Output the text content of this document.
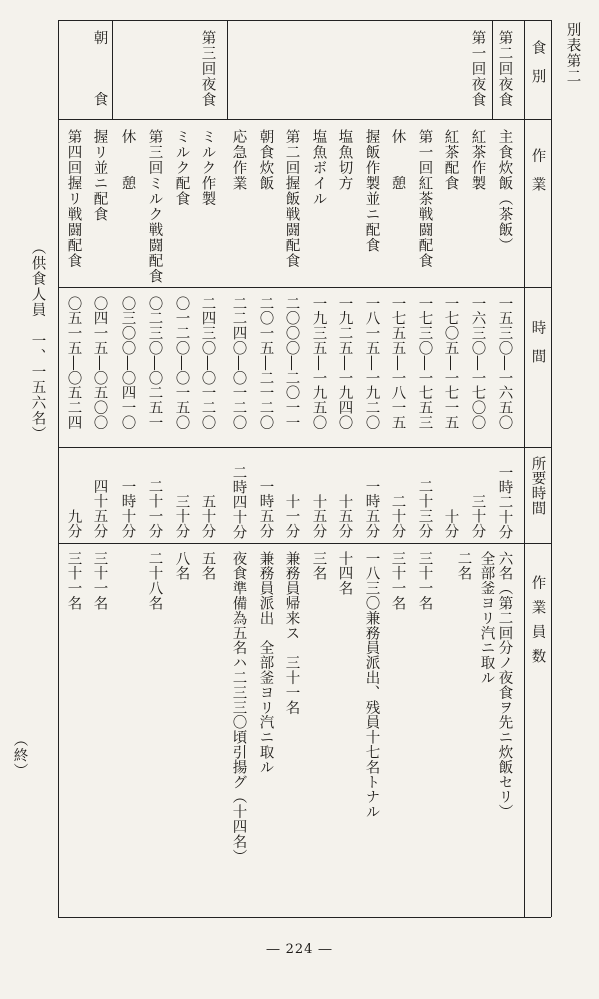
別表第二
食別
作業
時間
所要時間
作業員数
第二回夜食
第一回夜食
第三回夜食
朝　　食
主食炊飯（茶飯）
紅茶作製
紅茶配食
第一回紅茶戦闘配食
休　　憩
握飯作製並ニ配食
塩魚切方
塩魚ボイル
第二回握飯戦闘配食
朝食炊飯
応急作業
ミルク作製
ミルク配食
第三回ミルク戦闘配食
休　　憩
握リ並ニ配食
第四回握リ戦闘配食
一五三〇―一六五〇
一六三〇―一七〇〇
一七〇五―一七一五
一七三〇―一七五三
一七五五―一八一五
一八一五―一九二〇
一九二五―一九四〇
一九三五―一九五〇
二〇〇〇―二〇一一
二〇一五―二一二〇
二二四〇―〇一二〇
二四三〇―〇一二〇
〇一二〇―〇一五〇
〇二三〇―〇二五一
〇三〇〇―〇四一〇
〇四一五―〇五〇〇
〇五一五―〇五二四
一時二十分
三十分
十分
二十三分
二十分
一時五分
十五分
十五分
十一分
一時五分
二時四十分
五十分
三十分
二十一分
一時十分
四十五分
九分
六名（第二回分ノ夜食ヲ先ニ炊飯セリ）
全部釜ヨリ汽ニ取ル
二名
三十一名
三十一名
一八三〇兼務員派出、残員十七名トナル
十四名
三名
兼務員帰来ス　三十一名
兼務員派出　全部釜ヨリ汽ニ取ル
夜食準備為五名ハ二三三〇頃引揚グ（十四名）
五名
八名
二十八名
三十一名
三十一名
（供食人員　一、一五六名）
（終）
― 224 ―
